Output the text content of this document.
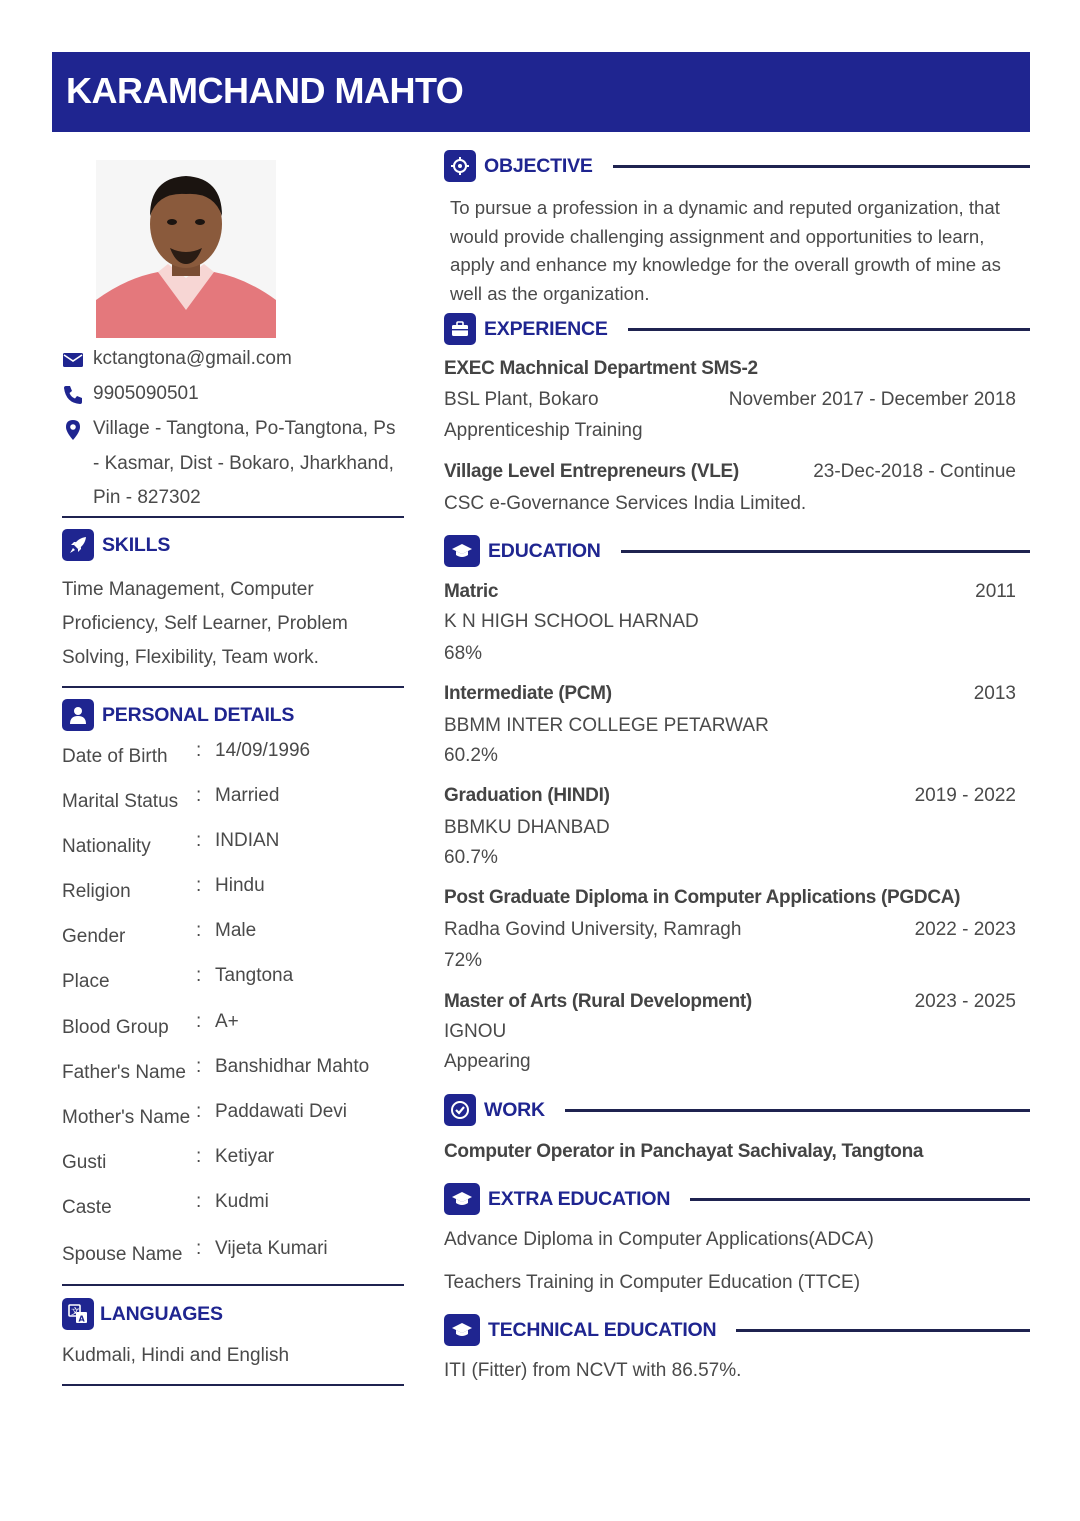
KARAMCHAND MAHTO
kctangtona@gmail.com
9905090501
Village - Tangtona, Po-Tangtona, Ps - Kasmar, Dist - Bokaro, Jharkhand, Pin - 827302
SKILLS
Time Management, Computer Proficiency, Self Learner, Problem Solving, Flexibility, Team work.
PERSONAL DETAILS
Date of Birth : 14/09/1996
Marital Status : Married
Nationality : INDIAN
Religion	: Hindu
Gender	: Male
Place	: Tangtona
Blood Group : A+
Father's Name : Banshidhar Mahto
Mother's Name : Paddawati Devi
Gusti	: Ketiyar
Caste	: Kudmi
Spouse Name : Vijeta Kumari
文
A LANGUAGES
Kudmali, Hindi and English
OBJECTIVE
To pursue a profession in a dynamic and reputed organization, that would provide challenging assignment and opportunities to learn, apply and enhance my knowledge for the overall growth of mine as well as the organization.
EXPERIENCE
EXEC Machnical Department SMS-2
BSL Plant, Bokaro	November 2017 - December 2018
Apprenticeship Training
Village Level Entrepreneurs (VLE)	23-Dec-2018 - Continue
CSC e-Governance Services India Limited.
EDUCATION
Matric	2011
K N HIGH SCHOOL HARNAD
68%
Intermediate (PCM)	2013
BBMM INTER COLLEGE PETARWAR
60.2%
Graduation (HINDI)	2019 - 2022
BBMKU DHANBAD
60.7%
Post Graduate Diploma in Computer Applications (PGDCA)
Radha Govind University, Ramragh	2022 - 2023
72%
Master of Arts (Rural Development)	2023 - 2025
IGNOU
Appearing
WORK
Computer Operator in Panchayat Sachivalay, Tangtona
EXTRA EDUCATION
Advance Diploma in Computer Applications(ADCA)
Teachers Training in Computer Education (TTCE)
TECHNICAL EDUCATION
ITI (Fitter) from NCVT with 86.57%.
